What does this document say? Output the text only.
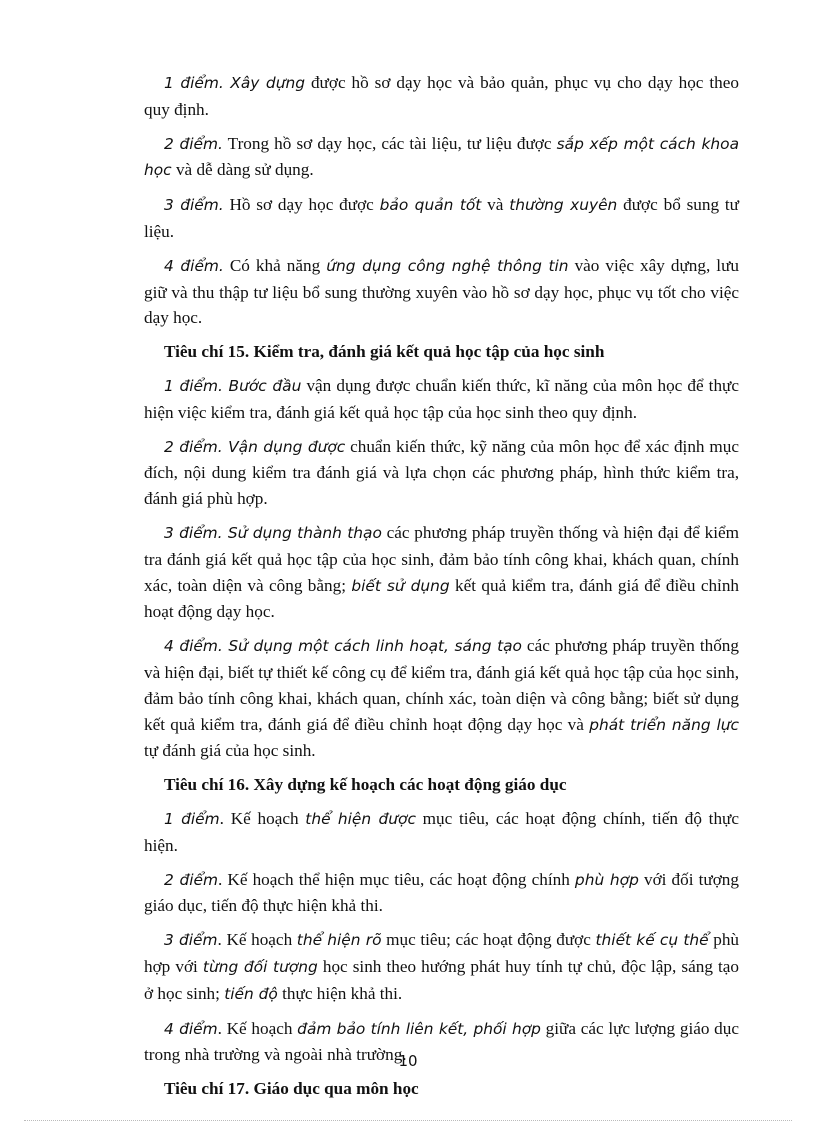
1 điểm. Xây dựng được hồ sơ dạy học và bảo quản, phục vụ cho dạy học theo quy định.

2 điểm. Trong hồ sơ dạy học, các tài liệu, tư liệu được sắp xếp một cách khoa học và dễ dàng sử dụng.

3 điểm. Hồ sơ dạy học được bảo quản tốt và thường xuyên được bổ sung tư liệu.

4 điểm. Có khả năng ứng dụng công nghệ thông tin vào việc xây dựng, lưu giữ và thu thập tư liệu bổ sung thường xuyên vào hồ sơ dạy học, phục vụ tốt cho việc dạy học.

Tiêu chí 15. Kiểm tra, đánh giá kết quả học tập của học sinh

1 điểm. Bước đầu vận dụng được chuẩn kiến thức, kĩ năng của môn học để thực hiện việc kiểm tra, đánh giá kết quả học tập của học sinh theo quy định.

2 điểm. Vận dụng được chuẩn kiến thức, kỹ năng của môn học để xác định mục đích, nội dung kiểm tra đánh giá và lựa chọn các phương pháp, hình thức kiểm tra, đánh giá phù hợp.

3 điểm. Sử dụng thành thạo các phương pháp truyền thống và hiện đại để kiểm tra đánh giá kết quả học tập của học sinh, đảm bảo tính công khai, khách quan, chính xác, toàn diện và công bằng; biết sử dụng kết quả kiểm tra, đánh giá để điều chỉnh hoạt động dạy học.

4 điểm. Sử dụng một cách linh hoạt, sáng tạo các phương pháp truyền thống và hiện đại, biết tự thiết kế công cụ để kiểm tra, đánh giá kết quả học tập của học sinh, đảm bảo tính công khai, khách quan, chính xác, toàn diện và công bằng; biết sử dụng kết quả kiểm tra, đánh giá để điều chỉnh hoạt động dạy học và phát triển năng lực tự đánh giá của học sinh.

Tiêu chí 16. Xây dựng kế hoạch các hoạt động giáo dục

1 điểm. Kế hoạch thể hiện được mục tiêu, các hoạt động chính, tiến độ thực hiện.

2 điểm. Kế hoạch thể hiện mục tiêu, các hoạt động chính phù hợp với đối tượng giáo dục, tiến độ thực hiện khả thi.

3 điểm. Kế hoạch thể hiện rõ mục tiêu; các hoạt động được thiết kế cụ thể phù hợp với từng đối tượng học sinh theo hướng phát huy tính tự chủ, độc lập, sáng tạo ở học sinh; tiến độ thực hiện khả thi.

4 điểm. Kế hoạch đảm bảo tính liên kết, phối hợp giữa các lực lượng giáo dục trong nhà trường và ngoài nhà trường.

Tiêu chí 17. Giáo dục qua môn học

10
